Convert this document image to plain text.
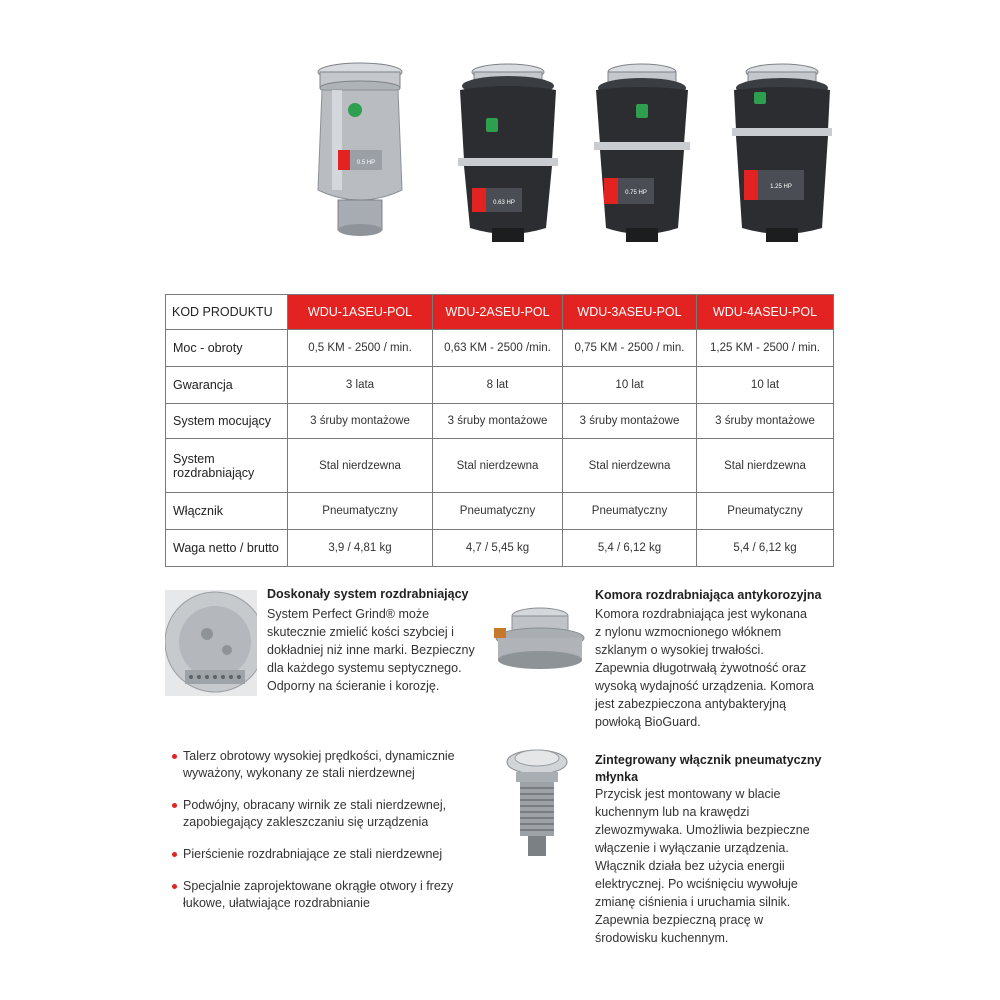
0.5 HP
0.63 HP
0.75 HP
1.25 HP
KOD PRODUKTU	WDU-1ASEU-POL	WDU-2ASEU-POL	WDU-3ASEU-POL	WDU-4ASEU-POL
Moc - obroty	0,5 KM - 2500 / min.	0,63 KM - 2500 /min.	0,75 KM - 2500 / min.	1,25 KM - 2500 / min.
Gwarancja	3 lata	8 lat	10 lat	10 lat
System mocujący	3 śruby montażowe	3 śruby montażowe	3 śruby montażowe	3 śruby montażowe
System rozdrabniający	Stal nierdzewna	Stal nierdzewna	Stal nierdzewna	Stal nierdzewna
Włącznik	Pneumatyczny	Pneumatyczny	Pneumatyczny	Pneumatyczny
Waga netto / brutto	3,9 / 4,81 kg	4,7 / 5,45 kg	5,4 / 6,12 kg	5,4 / 6,12 kg
Doskonały system rozdrabniający
System Perfect Grind® może
skutecznie zmielić kości szybciej i
dokładniej niż inne marki. Bezpieczny
dla każdego systemu septycznego.
Odporny na ścieranie i korozję.
Komora rozdrabniająca antykorozyjna
Komora rozdrabniająca jest wykonana
z nylonu wzmocnionego włóknem
szklanym o wysokiej trwałości.
Zapewnia długotrwałą żywotność oraz
wysoką wydajność urządzenia. Komora
jest zabezpieczona antybakteryjną
powłoką BioGuard.
Talerz obrotowy wysokiej prędkości, dynamicznie
wyważony, wykonany ze stali nierdzewnej
Podwójny, obracany wirnik ze stali nierdzewnej,
zapobiegający zakleszczaniu się urządzenia
Pierścienie rozdrabniające ze stali nierdzewnej
Specjalnie zaprojektowane okrągłe otwory i frezy
łukowe, ułatwiające rozdrabnianie
Zintegrowany włącznik pneumatyczny
młynka
Przycisk jest montowany w blacie
kuchennym lub na krawędzi
zlewozmywaka. Umożliwia bezpieczne
włączenie i wyłączanie urządzenia.
Włącznik działa bez użycia energii
elektrycznej. Po wciśnięciu wywołuje
zmianę ciśnienia i uruchamia silnik.
Zapewnia bezpieczną pracę w
środowisku kuchennym.
